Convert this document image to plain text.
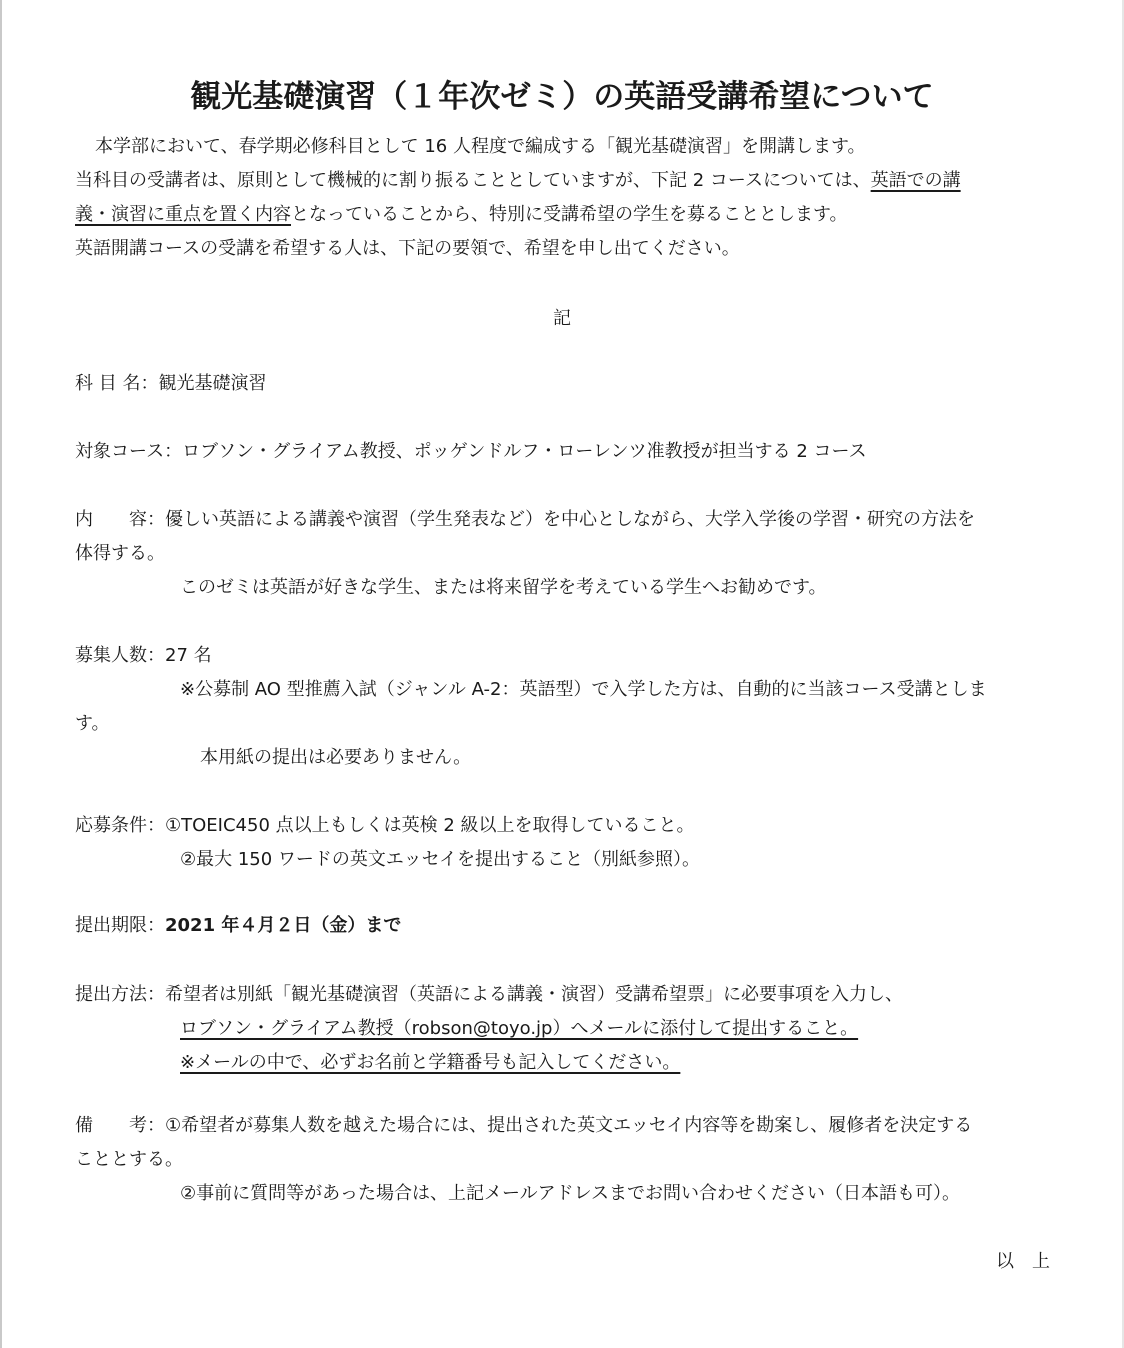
観光基礎演習（１年次ゼミ）の英語受講希望について
本学部において、春学期必修科目として 16 人程度で編成する「観光基礎演習」を開講します。
当科目の受講者は、原則として機械的に割り振ることとしていますが、下記 2 コースについては、英語での講
義・演習に重点を置く内容となっていることから、特別に受講希望の学生を募ることとします。
英語開講コースの受講を希望する人は、下記の要領で、希望を申し出てください。
記
科 目 名：観光基礎演習
対象コース：ロブソン・グライアム教授、ポッゲンドルフ・ローレンツ准教授が担当する 2 コース
内　　容：優しい英語による講義や演習（学生発表など）を中心としながら、大学入学後の学習・研究の方法を
体得する。
このゼミは英語が好きな学生、または将来留学を考えている学生へお勧めです。
募集人数：27 名
※公募制 AO 型推薦入試（ジャンル A-2：英語型）で入学した方は、自動的に当該コース受講としま
す。
本用紙の提出は必要ありません。
応募条件：①TOEIC450 点以上もしくは英検 2 級以上を取得していること。
②最大 150 ワードの英文エッセイを提出すること（別紙参照）。
提出期限：2021 年４月２日（金）まで
提出方法：希望者は別紙「観光基礎演習（英語による講義・演習）受講希望票」に必要事項を入力し、
ロブソン・グライアム教授（robson@toyo.jp）へメールに添付して提出すること。
※メールの中で、必ずお名前と学籍番号も記入してください。
備　　考：①希望者が募集人数を越えた場合には、提出された英文エッセイ内容等を勘案し、履修者を決定する
こととする。
②事前に質問等があった場合は、上記メールアドレスまでお問い合わせください（日本語も可）。
以　上
